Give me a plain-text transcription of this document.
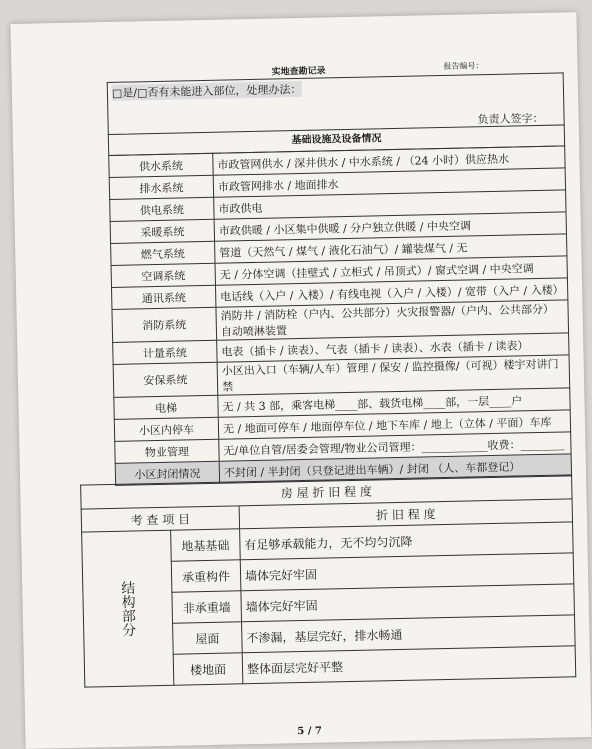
实地查勘记录
报告编号：
□是/□否有未能进入部位，处理办法：
负责人签字：
基础设施及设备情况
供水系统	市政管网供水 / 深井供水 / 中水系统 / （24 小时）供应热水
排水系统	市政管网排水 / 地面排水
供电系统	市政供电
采暖系统	市政供暖 / 小区集中供暖 / 分户独立供暖 / 中央空调
燃气系统	管道（天然气 / 煤气 / 液化石油气）/ 罐装煤气 / 无
空调系统	无 / 分体空调（挂壁式 / 立柜式 / 吊顶式）/ 窗式空调 / 中央空调
通讯系统	电话线（入户 / 入楼）/ 有线电视（入户 / 入楼）/ 宽带（入户 / 入楼）
消防系统	消防井 / 消防栓（户内、公共部分）火灾报警器/（户内、公共部分）自动喷淋装置
计量系统	电表（插卡 / 读表）、气表（插卡 / 读表）、水表（插卡 / 读表）
安保系统	小区出入口（车辆/人车）管理 / 保安 / 监控摄像/（可视）楼宇对讲门禁
电梯	无 / 共 3 部，乘客电梯____部、载货电梯____部，一层____户
小区内停车	无 / 地面可停车 / 地面停车位 / 地下车库 / 地上（立体 / 平面）车库
物业管理	无/单位自管/居委会管理/物业公司管理：____________收费：________
小区封闭情况	不封闭 / 半封闭（只登记进出车辆）/ 封闭 （人、车都登记）
房 屋 折 旧 程 度
考 查 项 目		折 旧 程 度
结构部分	地基基础	有足够承载能力，无不均匀沉降
	承重构件	墙体完好牢固
	非承重墙	墙体完好牢固
	屋面	不渗漏，基层完好，排水畅通
	楼地面	整体面层完好平整
5 / 7
